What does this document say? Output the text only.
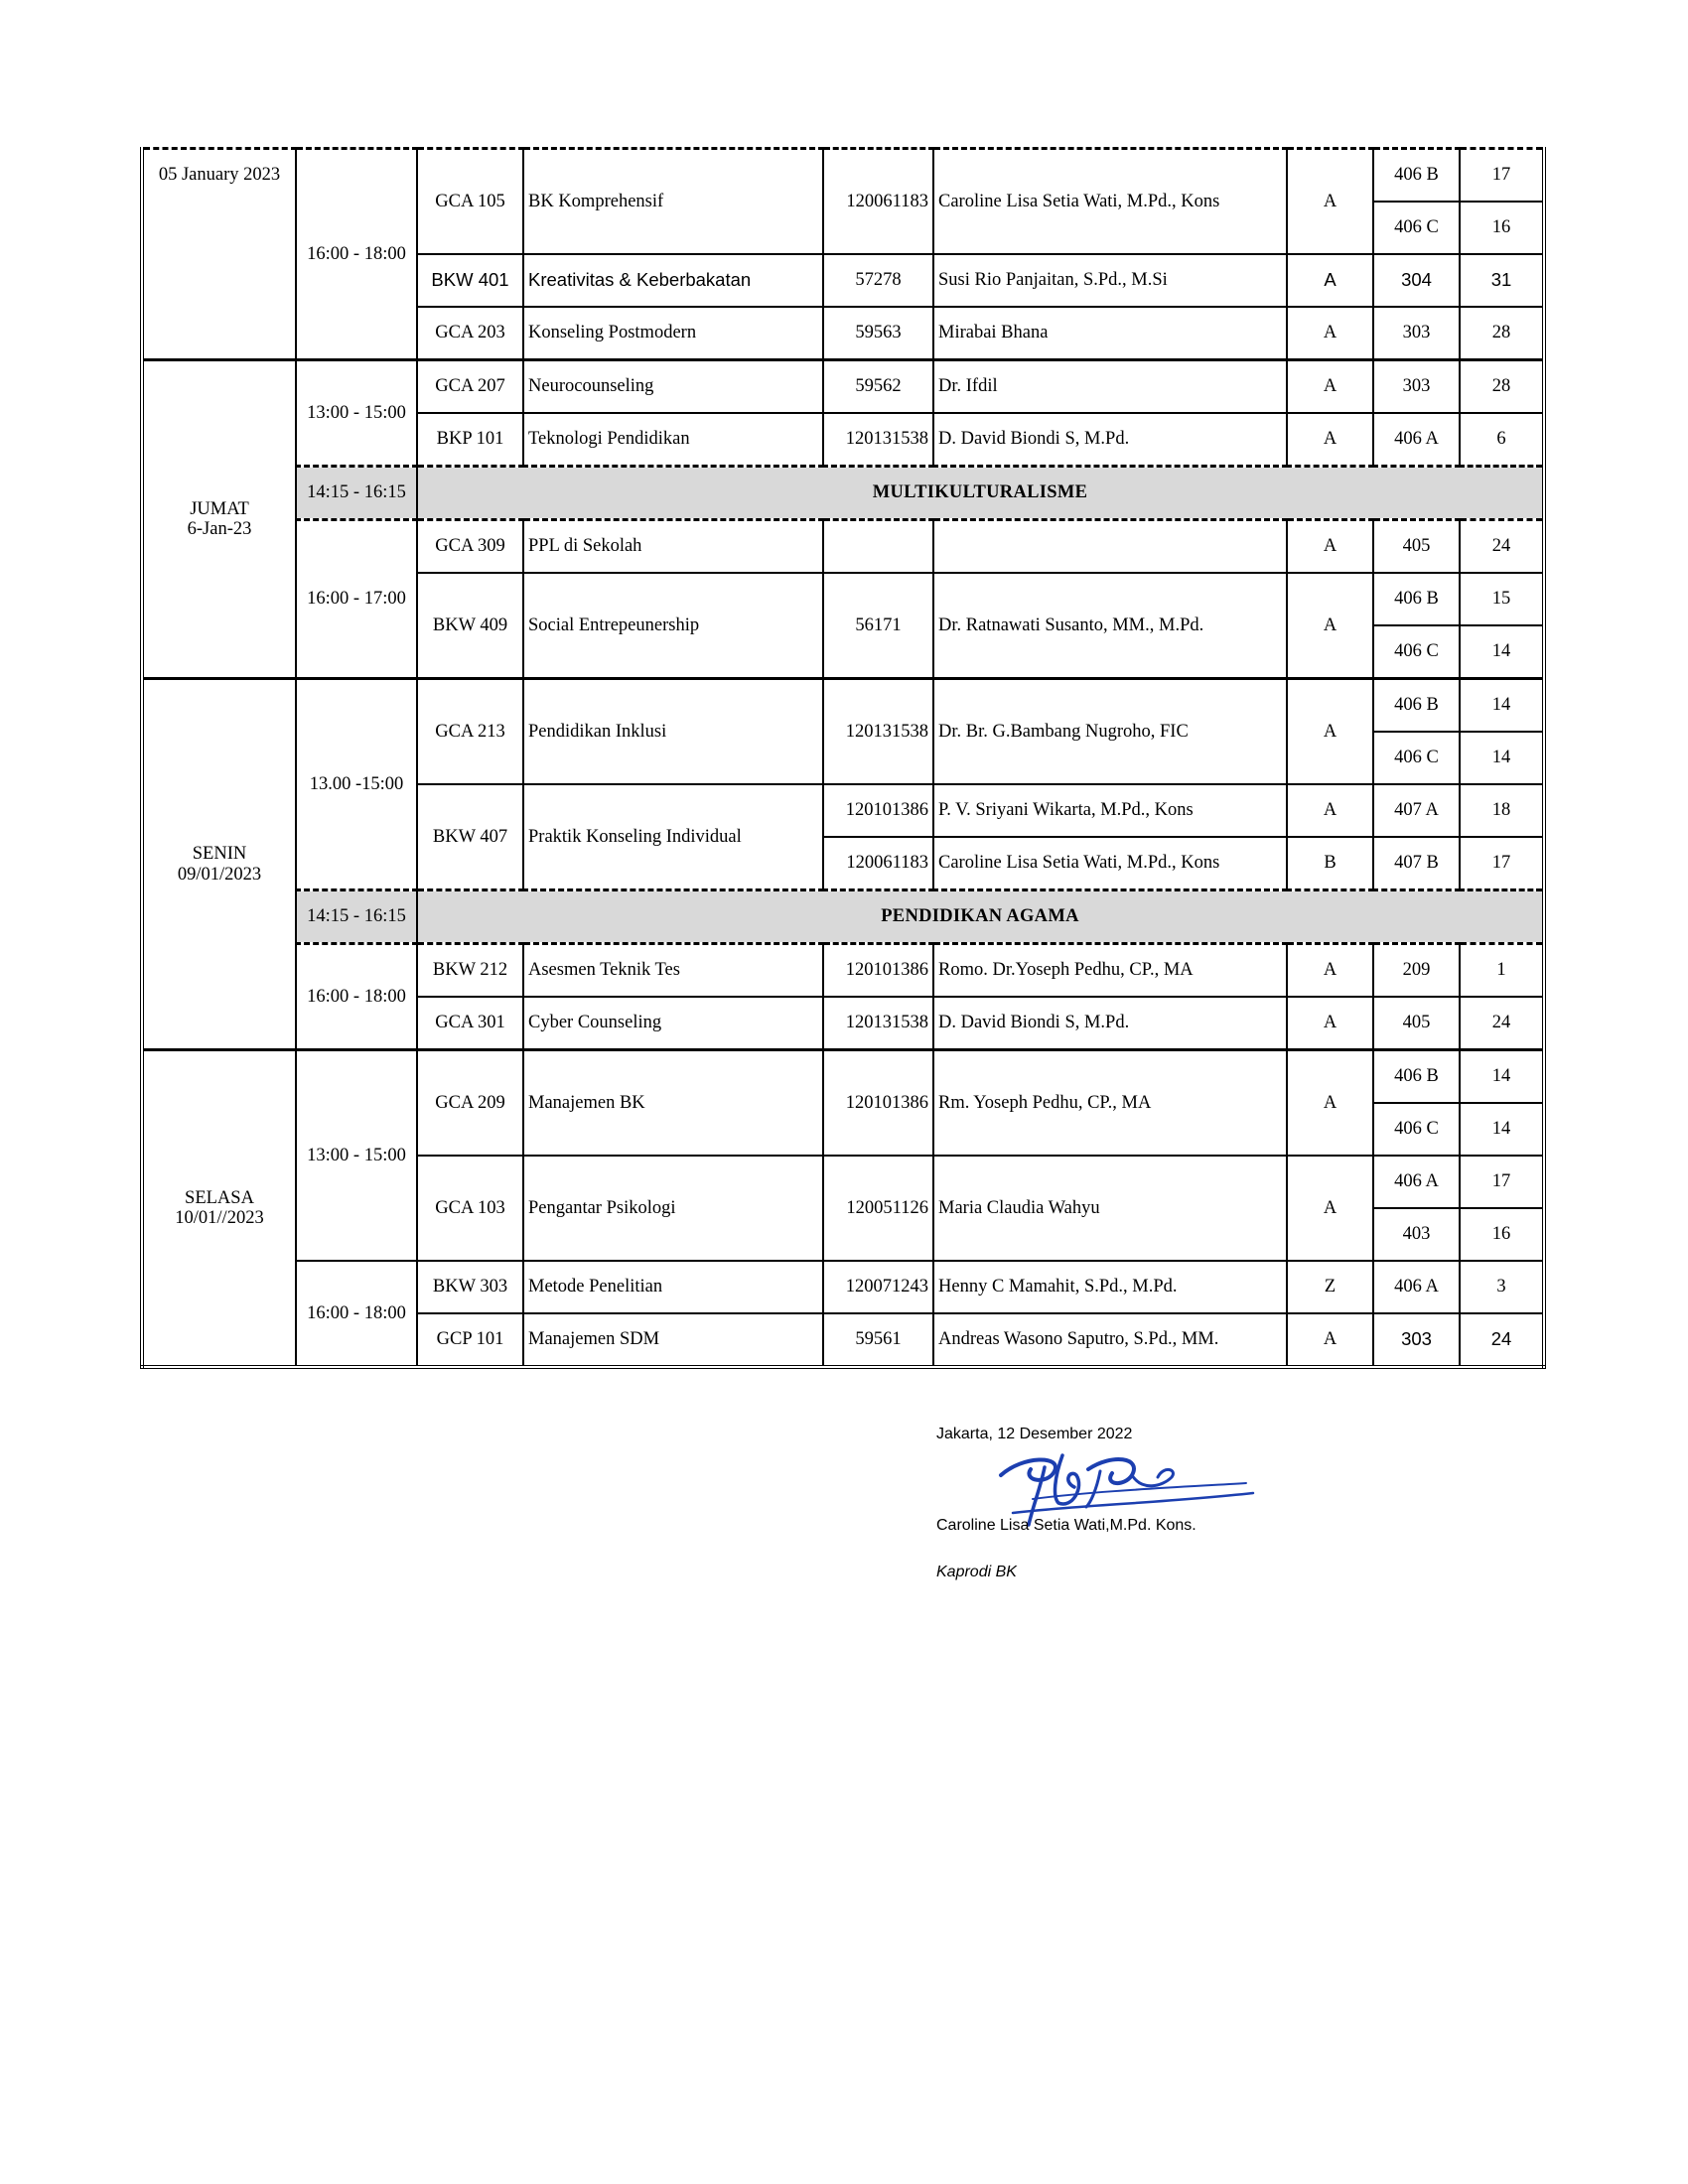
05 January 2023	16:00 - 18:00	GCA 105	BK Komprehensif	120061183	Caroline Lisa Setia Wati, M.Pd., Kons	A	406 B	17
							406 C	16
		BKW 401	Kreativitas & Keberbakatan	57278	Susi Rio Panjaitan, S.Pd., M.Si	A	304	31
		GCA 203	Konseling Postmodern	59563	Mirabai Bhana	A	303	28

JUMAT
6-Jan-23	13:00 - 15:00	GCA 207	Neurocounseling	59562	Dr. Ifdil	A	303	28
		BKP 101	Teknologi Pendidikan	120131538	D. David Biondi S, M.Pd.	A	406 A	6
	14:15 - 16:15	MULTIKULTURALISME						
	16:00 - 17:00	GCA 309	PPL di Sekolah			A	405	24
		BKW 409	Social Entrepeunership	56171	Dr. Ratnawati Susanto, MM., M.Pd.	A	406 B	15
							406 C	14

SENIN
09/01/2023	13.00 -15:00	GCA 213	Pendidikan Inklusi	120131538	Dr. Br. G.Bambang Nugroho, FIC	A	406 B	14
							406 C	14
		BKW 407	Praktik Konseling Individual	120101386	P. V. Sriyani Wikarta, M.Pd., Kons	A	407 A	18
				120061183	Caroline Lisa Setia Wati, M.Pd., Kons	B	407 B	17
	14:15 - 16:15	PENDIDIKAN AGAMA						
	16:00 - 18:00	BKW 212	Asesmen Teknik Tes	120101386	Romo. Dr.Yoseph Pedhu, CP., MA	A	209	1
		GCA 301	Cyber Counseling	120131538	D. David Biondi S, M.Pd.	A	405	24

SELASA
10/01//2023	13:00 - 15:00	GCA 209	Manajemen BK	120101386	Rm. Yoseph Pedhu, CP., MA	A	406 B	14
							406 C	14
		GCA 103	Pengantar Psikologi	120051126	Maria Claudia Wahyu	A	406 A	17
							403	16
	16:00 - 18:00	BKW 303	Metode Penelitian	120071243	Henny C Mamahit, S.Pd., M.Pd.	Z	406 A	3
		GCP 101	Manajemen SDM	59561	Andreas Wasono Saputro, S.Pd., MM.	A	303	24
Jakarta, 12 Desember 2022
Caroline Lisa Setia Wati,M.Pd. Kons.
Kaprodi BK
